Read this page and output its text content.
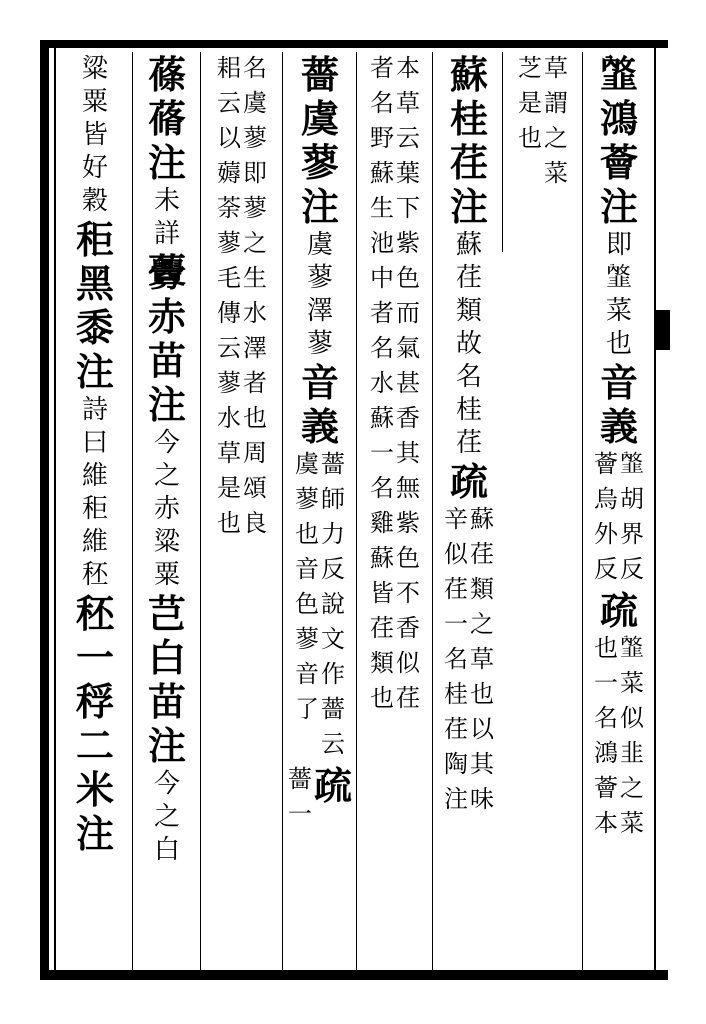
𩐇
鴻
薈
注
即
𩐇
菜
也
音
義
𩐇
胡
界
反
薈
烏
外
反
疏
𩐇
菜
似
韭
之
菜
也
一
名
鴻
薈
本
草
謂
之
菜
芝
是
也
蘇
桂
荏
注
蘇
荏
類
故
名
桂
荏
疏
蘇
荏
類
之
草
也
以
其
味
辛
似
荏
一
名
桂
荏
陶
注
本
草
云
葉
下
紫
色
而
氣
甚
香
其
無
紫
色
不
香
似
荏
者
名
野
蘇
生
池
中
者
名
水
蘇
一
名
雞
蘇
皆
荏
類
也
薔
虞
蓼
注
虞
蓼
澤
蓼
音
義
薔
師
力
反
說
文
作
薔
云
虞
蓼
也
音
色
蓼
音
了
疏
薔
一
名
虞
蓼
即
蓼
之
生
水
澤
者
也
周
頌
良
耜
云
以
薅
荼
蓼
毛
傳
云
蓼
水
草
是
也
蓧
蓨
注
未
詳
虋
赤
苗
注
今
之
赤
粱
粟
芑
白
苗
注
今
之
白
粱
粟
皆
好
穀
秬
黑
黍
注
詩
曰
維
秬
維
秠
秠
一
稃
二
米
注
